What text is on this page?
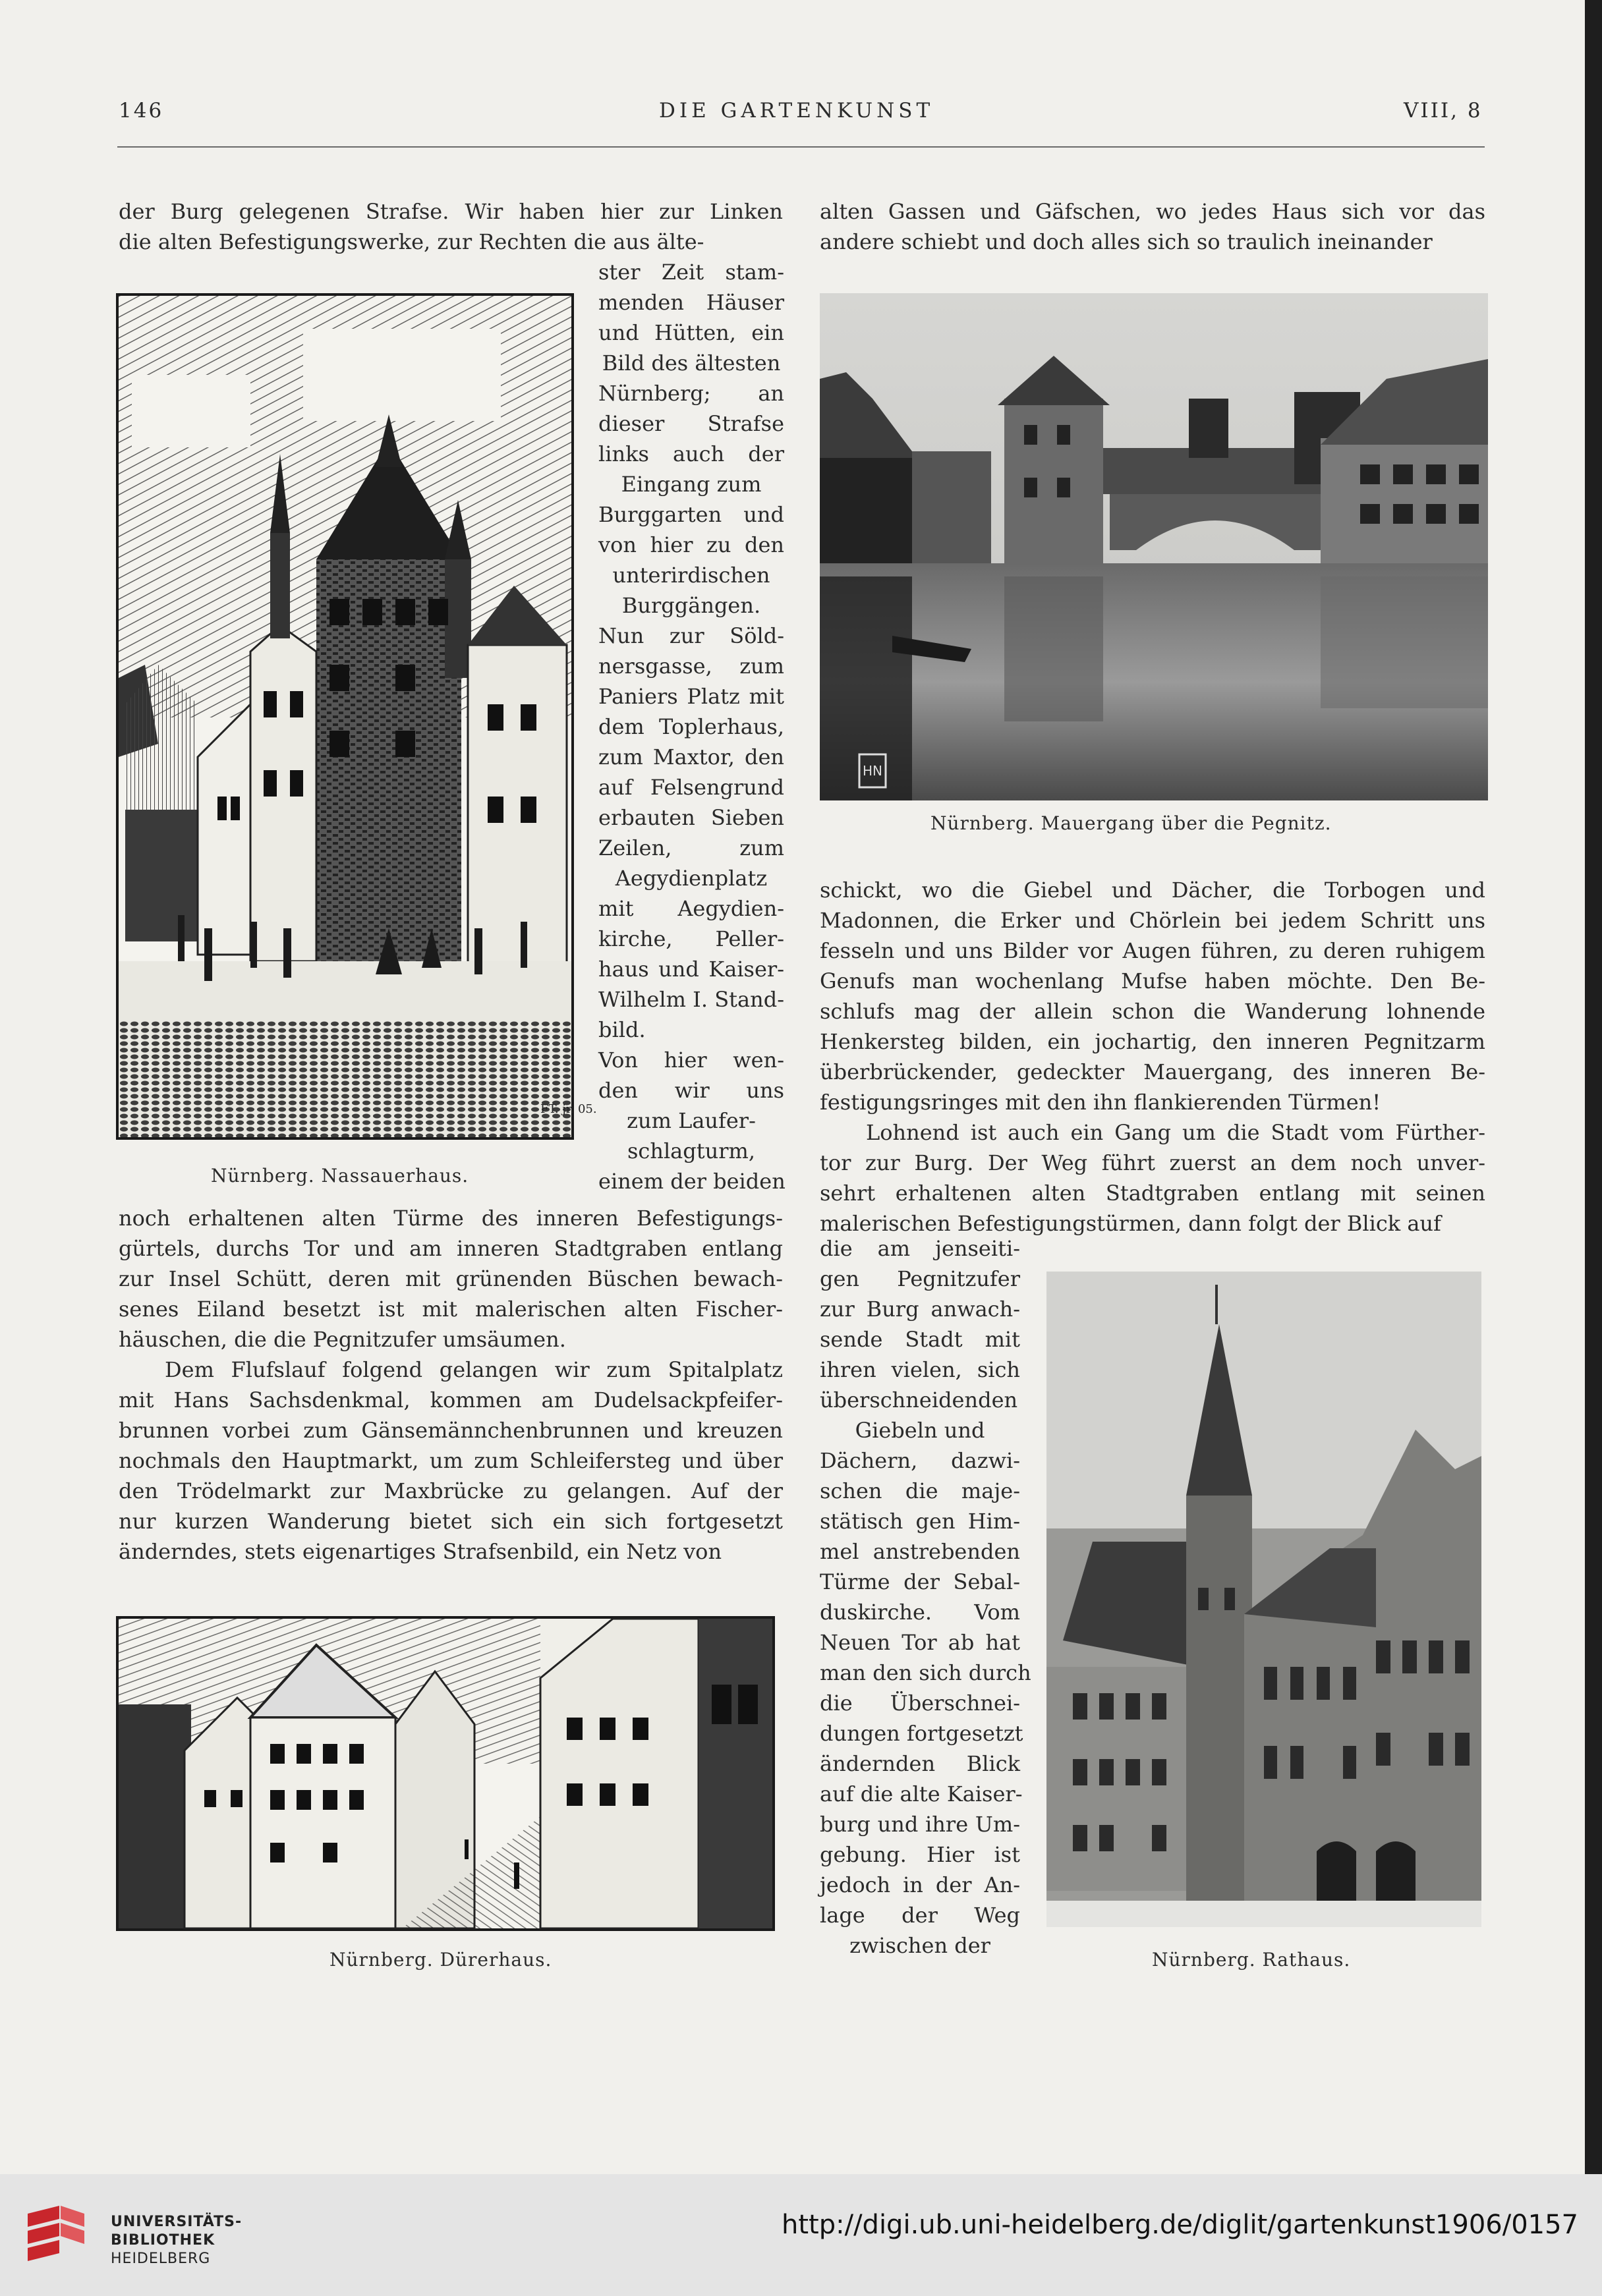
146	DIE GARTENKUNST	VIII, 8
der Burg gelegenen Strafse. Wir haben hier zur Linken
die alten Befestigungswerke, zur Rechten die aus älte-
ster Zeit stam-
menden Häuser
und Hütten, ein
Bild des ältesten
Nürnberg; an
dieser Strafse
links auch der
Eingang zum
Burggarten und
von hier zu den
unterirdischen
Burggängen.
Nun zur Söld-
nersgasse, zum
Paniers Platz mit
dem Toplerhaus,
zum Maxtor, den
auf Felsengrund
erbauten Sieben
Zeilen, zum
Aegydienplatz
mit Aegydien-
kirche, Peller-
haus und Kaiser-
Wilhelm I. Stand-
bild.
Von hier wen-
den wir uns
zum Laufer-
schlagturm,
einem der beiden
noch erhaltenen alten Türme des inneren Befestigungs-
gürtels, durchs Tor und am inneren Stadtgraben entlang
zur Insel Schütt, deren mit grünenden Büschen bewach-
senes Eiland besetzt ist mit malerischen alten Fischer-
häuschen, die die Pegnitzufer umsäumen.
Dem Flufslauf folgend gelangen wir zum Spitalplatz
mit Hans Sachsdenkmal, kommen am Dudelsackpfeifer-
brunnen vorbei zum Gänsemännchenbrunnen und kreuzen
nochmals den Hauptmarkt, um zum Schleifersteg und über
den Trödelmarkt zur Maxbrücke zu gelangen. Auf der
nur kurzen Wanderung bietet sich ein sich fortgesetzt
änderndes, stets eigenartiges Strafsenbild, ein Netz von
alten Gassen und Gäfschen, wo jedes Haus sich vor das
andere schiebt und doch alles sich so traulich ineinander
schickt, wo die Giebel und Dächer, die Torbogen und
Madonnen, die Erker und Chörlein bei jedem Schritt uns
fesseln und uns Bilder vor Augen führen, zu deren ruhigem
Genufs man wochenlang Mufse haben möchte. Den Be-
schlufs mag der allein schon die Wanderung lohnende
Henkersteg bilden, ein jochartig, den inneren Pegnitzarm
überbrückender, gedeckter Mauergang, des inneren Be-
festigungsringes mit den ihn flankierenden Türmen!
Lohnend ist auch ein Gang um die Stadt vom Fürther-
tor zur Burg. Der Weg führt zuerst an dem noch unver-
sehrt erhaltenen alten Stadtgraben entlang mit seinen
malerischen Befestigungstürmen, dann folgt der Blick auf
die am jenseiti-
gen Pegnitzufer
zur Burg anwach-
sende Stadt mit
ihren vielen, sich
überschneidenden
Giebeln und
Dächern, dazwi-
schen die maje-
stätisch gen Him-
mel anstrebenden
Türme der Sebal-
duskirche. Vom
Neuen Tor ab hat
man den sich durch
die Überschnei-
dungen fortgesetzt
ändernden Blick
auf die alte Kaiser-
burg und ihre Um-
gebung. Hier ist
jedoch in der An-
lage der Weg
zwischen der
FT. jr. 05.
Nürnberg. Nassauerhaus.
HN
Nürnberg. Mauergang über die Pegnitz.
Nürnberg. Dürerhaus.	Nürnberg. Rathaus.
UNIVERSITÄTS-
BIBLIOTHEK
HEIDELBERG
http://digi.ub.uni-heidelberg.de/diglit/gartenkunst1906/0157
